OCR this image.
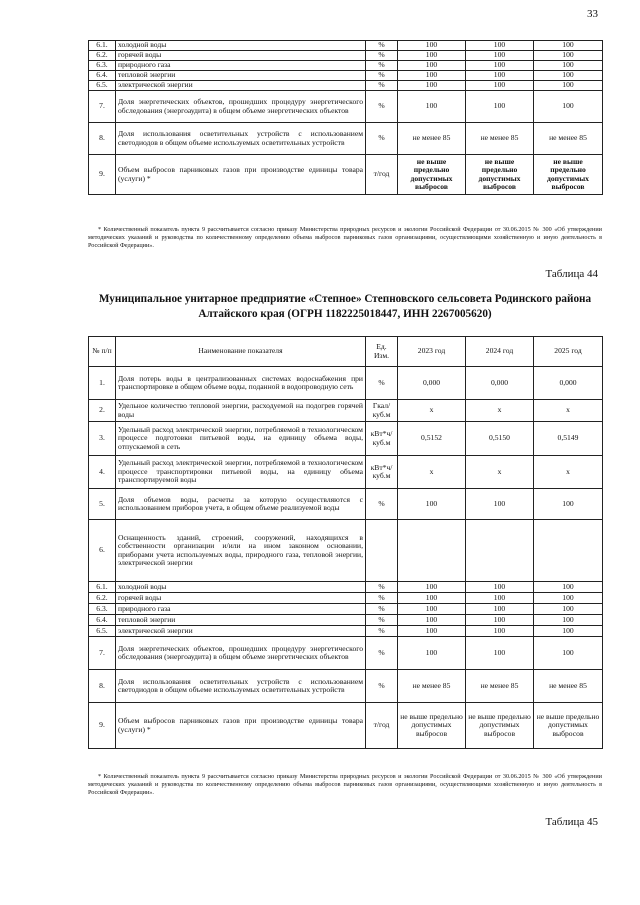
33
6.1.	холодной воды	%	100	100	100
6.2.	горячей воды	%	100	100	100
6.3.	природного газа	%	100	100	100
6.4.	тепловой энергии	%	100	100	100
6.5.	электрической энергии	%	100	100	100
7.	Доля энергетических объектов, прошедших процедуру энергетического обследования (энергоаудита) в общем объеме энергетических объектов	%	100	100	100
8.	Доля использования осветительных устройств с использованием светодиодов в общем объеме используемых осветительных устройств	%	не менее 85	не менее 85	не менее 85
9.	Объем выбросов парниковых газов при производстве единицы товара (услуги) *	т/год	не выше предельно допустимых выбросов	не выше предельно допустимых выбросов	не выше предельно допустимых выбросов
* Количественный показатель пункта 9 рассчитывается согласно приказу Министерства природных ресурсов и экологии Российской Федерации от 30.06.2015 № 300 «Об утверждении методических указаний и руководства по количественному определению объема выбросов парниковых газов организациями, осуществляющими хозяйственную и иную деятельность в Российской Федерации».
Таблица 44
Муниципальное унитарное предприятие «Степное» Степновского сельсовета Родинского района Алтайского края (ОГРН 1182225018447, ИНН 2267005620)
№ п/п	Наименование показателя	Ед. Изм.	2023 год	2024 год	2025 год
1.	Доля потерь воды в централизованных системах водоснабжения при транспортировке в общем объеме воды, поданной в водопроводную сеть	%	0,000	0,000	0,000
2.	Удельное количество тепловой энергии, расходуемой на подогрев горячей воды	Гкал/ куб.м	x	x	x
3.	Удельный расход электрической энергии, потребляемой в технологическом процессе подготовки питьевой воды, на единицу объема воды, отпускаемой в сеть	кВт*ч/ куб.м	0,5152	0,5150	0,5149
4.	Удельный расход электрической энергии, потребляемой в технологическом процессе транспортировки питьевой воды, на единицу объема транспортируемой воды	кВт*ч/ куб.м	x	x	x
5.	Доля объемов воды, расчеты за которую осуществляются с использованием приборов учета, в общем объеме реализуемой воды	%	100	100	100
6.	Оснащенность зданий, строений, сооружений, находящихся в собственности организации и/или на ином законном основании, приборами учета используемых воды, природного газа, тепловой энергии, электрической энергии				
6.1.	холодной воды	%	100	100	100
6.2.	горячей воды	%	100	100	100
6.3.	природного газа	%	100	100	100
6.4.	тепловой энергии	%	100	100	100
6.5.	электрической энергии	%	100	100	100
7.	Доля энергетических объектов, прошедших процедуру энергетического обследования (энергоаудита) в общем объеме энергетических объектов	%	100	100	100
8.	Доля использования осветительных устройств с использованием светодиодов в общем объеме используемых осветительных устройств	%	не менее 85	не менее 85	не менее 85
9.	Объем выбросов парниковых газов при производстве единицы товара (услуги) *	т/год	не выше предельно допустимых выбросов	не выше предельно допустимых выбросов	не выше предельно допустимых выбросов
* Количественный показатель пункта 9 рассчитывается согласно приказу Министерства природных ресурсов и экологии Российской Федерации от 30.06.2015 № 300 «Об утверждении методических указаний и руководства по количественному определению объема выбросов парниковых газов организациями, осуществляющими хозяйственную и иную деятельность в Российской Федерации».
Таблица 45
